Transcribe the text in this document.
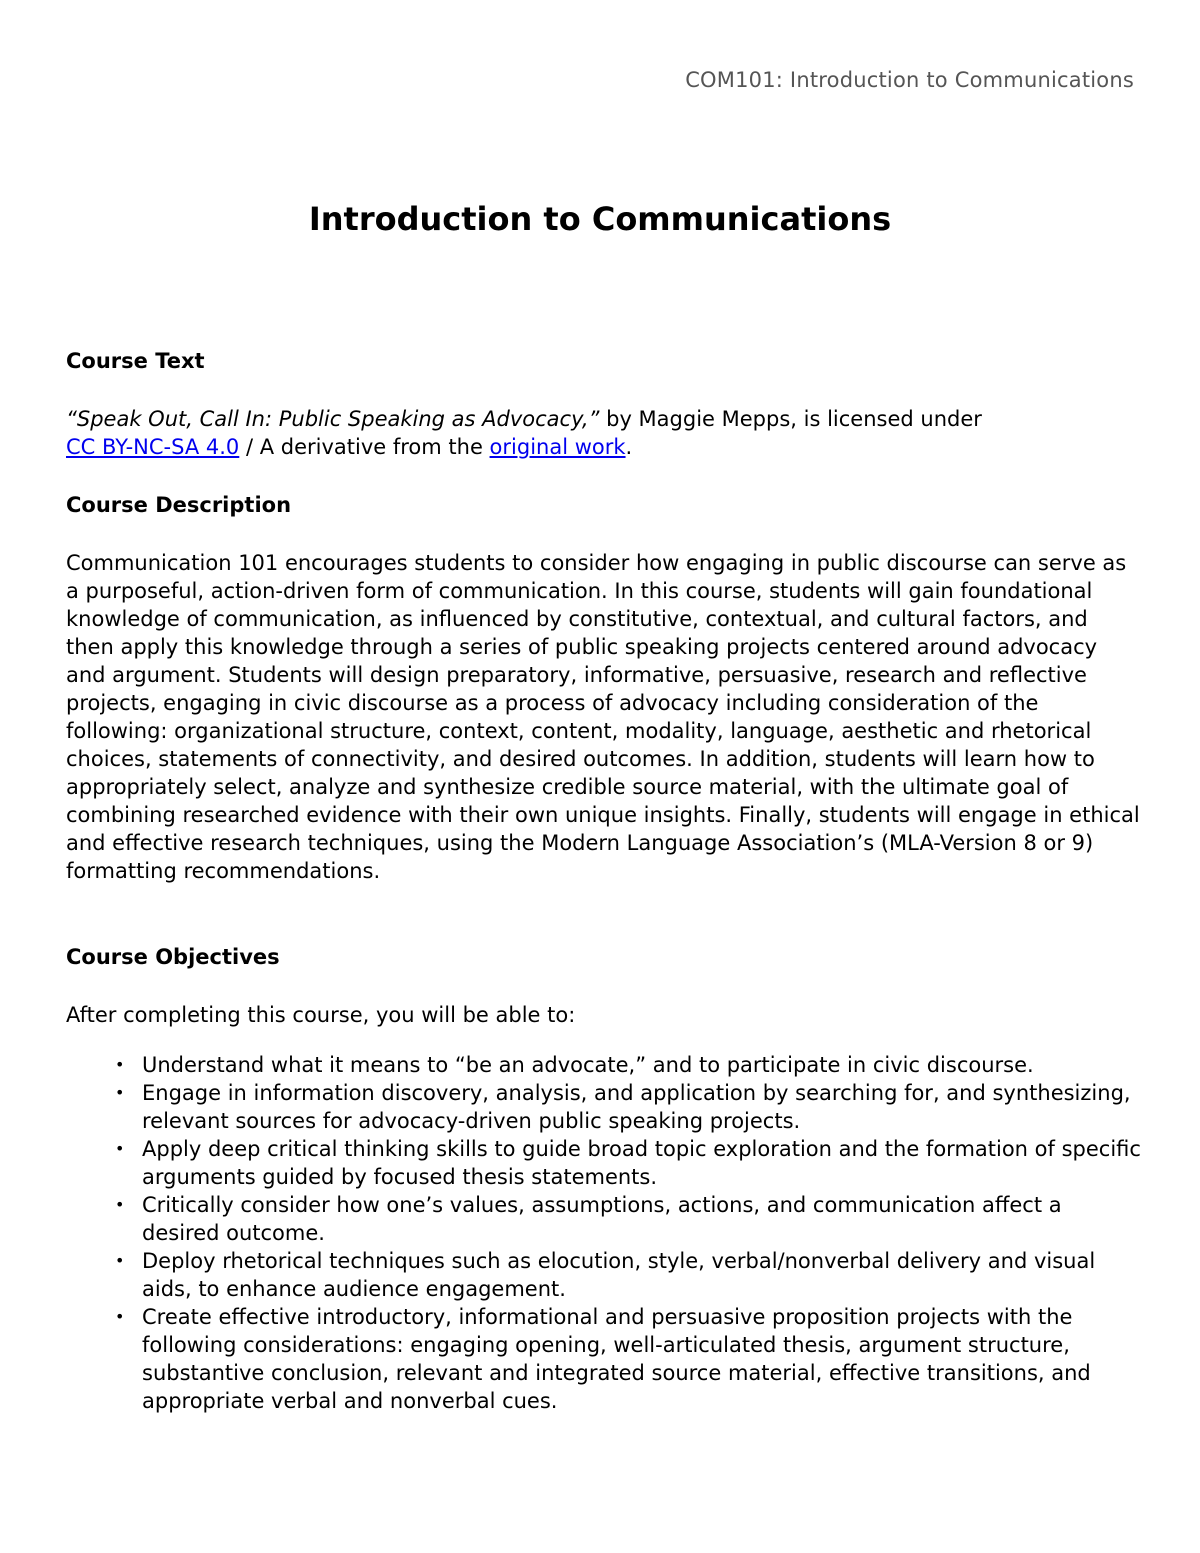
COM101: Introduction to Communications
Introduction to Communications
Course Text

“Speak Out, Call In: Public Speaking as Advocacy,” by Maggie Mepps, is licensed under
CC BY-NC-SA 4.0 / A derivative from the original work.

Course Description

Communication 101 encourages students to consider how engaging in public discourse can serve as a purposeful, action-driven form of communication. In this course, students will gain foundational knowledge of communication, as influenced by constitutive, contextual, and cultural factors, and then apply this knowledge through a series of public speaking projects centered around advocacy and argument. Students will design preparatory, informative, persuasive, research and reflective projects, engaging in civic discourse as a process of advocacy including consideration of the following: organizational structure, context, content, modality, language, aesthetic and rhetorical choices, statements of connectivity, and desired outcomes. In addition, students will learn how to appropriately select, analyze and synthesize credible source material, with the ultimate goal of combining researched evidence with their own unique insights. Finally, students will engage in ethical and effective research techniques, using the Modern Language Association’s (MLA-Version 8 or 9) formatting recommendations.

Course Objectives

After completing this course, you will be able to:

• Understand what it means to “be an advocate,” and to participate in civic discourse.
• Engage in information discovery, analysis, and application by searching for, and synthesizing, relevant sources for advocacy-driven public speaking projects.
• Apply deep critical thinking skills to guide broad topic exploration and the formation of specific arguments guided by focused thesis statements.
• Critically consider how one’s values, assumptions, actions, and communication affect a desired outcome.
• Deploy rhetorical techniques such as elocution, style, verbal/nonverbal delivery and visual aids, to enhance audience engagement.
• Create effective introductory, informational and persuasive proposition projects with the following considerations: engaging opening, well-articulated thesis, argument structure, substantive conclusion, relevant and integrated source material, effective transitions, and appropriate verbal and nonverbal cues.
